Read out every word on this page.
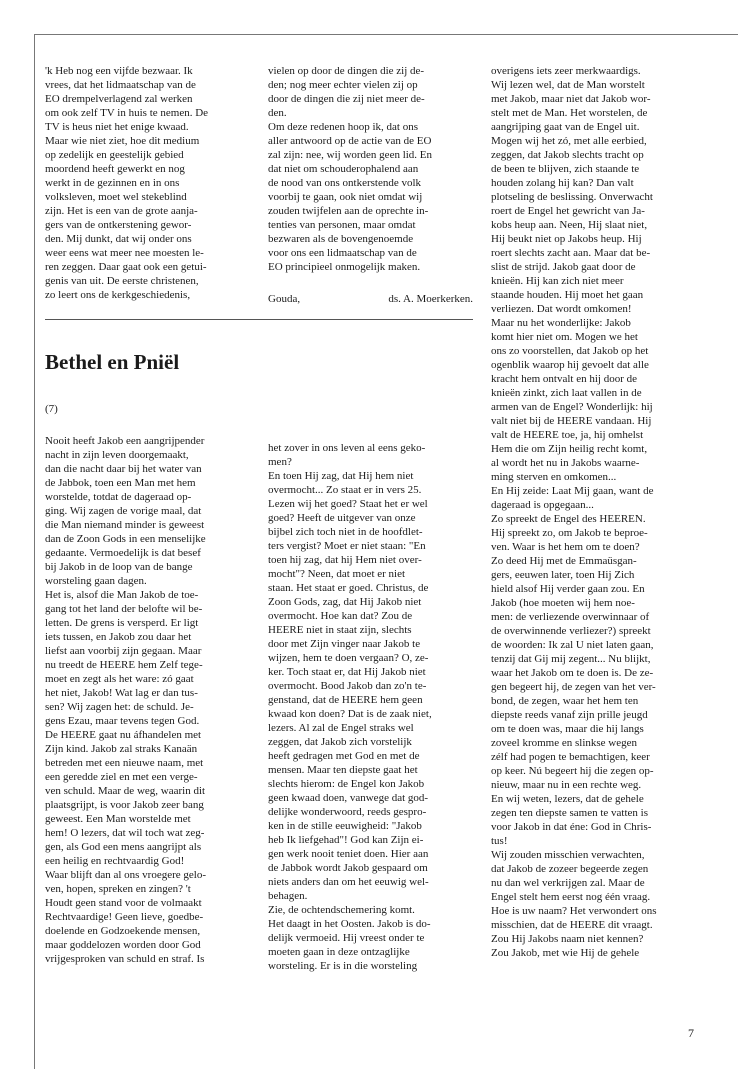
'k Heb nog een vijfde bezwaar. Ik

vrees, dat het lidmaatschap van de

EO drempelverlagend zal werken

om ook zelf TV in huis te nemen. De

TV is heus niet het enige kwaad.

Maar wie niet ziet, hoe dit medium

op zedelijk en geestelijk gebied

moordend heeft gewerkt en nog

werkt in de gezinnen en in ons

volksleven, moet wel stekeblind

zijn. Het is een van de grote aanja-

gers van de ontkerstening gewor-

den. Mij dunkt, dat wij onder ons

weer eens wat meer nee moesten le-

ren zeggen. Daar gaat ook een getui-

genis van uit. De eerste christenen,

zo leert ons de kerkgeschiedenis,

vielen op door de dingen die zij de-

den; nog meer echter vielen zij op

door de dingen die zij niet meer de-

den.

Om deze redenen hoop ik, dat ons

aller antwoord op de actie van de EO

zal zijn: nee, wij worden geen lid. En

dat niet om schouderophalend aan

de nood van ons ontkerstende volk

voorbij te gaan, ook niet omdat wij

zouden twijfelen aan de oprechte in-

tenties van personen, maar omdat

bezwaren als de bovengenoemde

voor ons een lidmaatschap van de

EO principieel onmogelijk maken.

Gouda,	ds. A. Moerkerken.
Bethel en Pniël
(7)

Nooit heeft Jakob een aangrijpender

nacht in zijn leven doorgemaakt,

dan die nacht daar bij het water van

de Jabbok, toen een Man met hem

worstelde, totdat de dageraad op-

ging. Wij zagen de vorige maal, dat

die Man niemand minder is geweest

dan de Zoon Gods in een menselijke

gedaante. Vermoedelijk is dat besef

bij Jakob in de loop van de bange

worsteling gaan dagen.

Het is, alsof die Man Jakob de toe-

gang tot het land der belofte wil be-

letten. De grens is versperd. Er ligt

iets tussen, en Jakob zou daar het

liefst aan voorbij zijn gegaan. Maar

nu treedt de HEERE hem Zelf tege-

moet en zegt als het ware: zó gaat

het niet, Jakob! Wat lag er dan tus-

sen? Wij zagen het: de schuld. Je-

gens Ezau, maar tevens tegen God.

De HEERE gaat nu áfhandelen met

Zijn kind. Jakob zal straks Kanaän

betreden met een nieuwe naam, met

een geredde ziel en met een verge-

ven schuld. Maar de weg, waarin dit

plaatsgrijpt, is voor Jakob zeer bang

geweest. Een Man worstelde met

hem! O lezers, dat wil toch wat zeg-

gen, als God een mens aangrijpt als

een heilig en rechtvaardig God!

Waar blijft dan al ons vroegere gelo-

ven, hopen, spreken en zingen? 't

Houdt geen stand voor de volmaakt

Rechtvaardige! Geen lieve, goedbe-

doelende en Godzoekende mensen,

maar goddelozen worden door God

vrijgesproken van schuld en straf. Is

het zover in ons leven al eens geko-

men?

En toen Hij zag, dat Hij hem niet

overmocht... Zo staat er in vers 25.

Lezen wij het goed? Staat het er wel

goed? Heeft de uitgever van onze

bijbel zich toch niet in de hoofdlet-

ters vergist? Moet er niet staan: "En

toen hij zag, dat hij Hem niet over-

mocht"? Neen, dat moet er niet

staan. Het staat er goed. Christus, de

Zoon Gods, zag, dat Hij Jakob niet

overmocht. Hoe kan dat? Zou de

HEERE niet in staat zijn, slechts

door met Zijn vinger naar Jakob te

wijzen, hem te doen vergaan? O, ze-

ker. Toch staat er, dat Hij Jakob niet

overmocht. Bood Jakob dan zo'n te-

genstand, dat de HEERE hem geen

kwaad kon doen? Dat is de zaak niet,

lezers. Al zal de Engel straks wel

zeggen, dat Jakob zich vorstelijk

heeft gedragen met God en met de

mensen. Maar ten diepste gaat het

slechts hierom: de Engel kon Jakob

geen kwaad doen, vanwege dat god-

delijke wonderwoord, reeds gespro-

ken in de stille eeuwigheid: "Jakob

heb Ik liefgehad"! God kan Zijn ei-

gen werk nooit teniet doen. Hier aan

de Jabbok wordt Jakob gespaard om

niets anders dan om het eeuwig wel-

behagen.

Zie, de ochtendschemering komt.

Het daagt in het Oosten. Jakob is do-

delijk vermoeid. Hij vreest onder te

moeten gaan in deze ontzaglijke

worsteling. Er is in die worsteling

overigens iets zeer merkwaardigs.

Wij lezen wel, dat de Man worstelt

met Jakob, maar niet dat Jakob wor-

stelt met de Man. Het worstelen, de

aangrijping gaat van de Engel uit.

Mogen wij het zó, met alle eerbied,

zeggen, dat Jakob slechts tracht op

de been te blijven, zich staande te

houden zolang hij kan? Dan valt

plotseling de beslissing. Onverwacht

roert de Engel het gewricht van Ja-

kobs heup aan. Neen, Hij slaat niet,

Hij beukt niet op Jakobs heup. Hij

roert slechts zacht aan. Maar dat be-

slist de strijd. Jakob gaat door de

knieën. Hij kan zich niet meer

staande houden. Hij moet het gaan

verliezen. Dat wordt omkomen!

Maar nu het wonderlijke: Jakob

komt hier niet om. Mogen we het

ons zo voorstellen, dat Jakob op het

ogenblik waarop hij gevoelt dat alle

kracht hem ontvalt en hij door de

knieën zinkt, zich laat vallen in de

armen van de Engel? Wonderlijk: hij

valt niet bij de HEERE vandaan. Hij

valt de HEERE toe, ja, hij omhelst

Hem die om Zijn heilig recht komt,

al wordt het nu in Jakobs waarne-

ming sterven en omkomen...

En Hij zeide: Laat Mij gaan, want de

dageraad is opgegaan...

Zo spreekt de Engel des HEEREN.

Hij spreekt zo, om Jakob te beproe-

ven. Waar is het hem om te doen?

Zo deed Hij met de Emmaüsgan-

gers, eeuwen later, toen Hij Zich

hield alsof Hij verder gaan zou. En

Jakob (hoe moeten wij hem noe-

men: de verliezende overwinnaar of

de overwinnende verliezer?) spreekt

de woorden: Ik zal U niet laten gaan,

tenzij dat Gij mij zegent... Nu blijkt,

waar het Jakob om te doen is. De ze-

gen begeert hij, de zegen van het ver-

bond, de zegen, waar het hem ten

diepste reeds vanaf zijn prille jeugd

om te doen was, maar die hij langs

zoveel kromme en slinkse wegen

zélf had pogen te bemachtigen, keer

op keer. Nú begeert hij die zegen op-

nieuw, maar nu in een rechte weg.

En wij weten, lezers, dat de gehele

zegen ten diepste samen te vatten is

voor Jakob in dat éne: God in Chris-

tus!

Wij zouden misschien verwachten,

dat Jakob de zozeer begeerde zegen

nu dan wel verkrijgen zal. Maar de

Engel stelt hem eerst nog één vraag.

Hoe is uw naam? Het verwondert ons

misschien, dat de HEERE dit vraagt.

Zou Hij Jakobs naam niet kennen?

Zou Jakob, met wie Hij de gehele

7
